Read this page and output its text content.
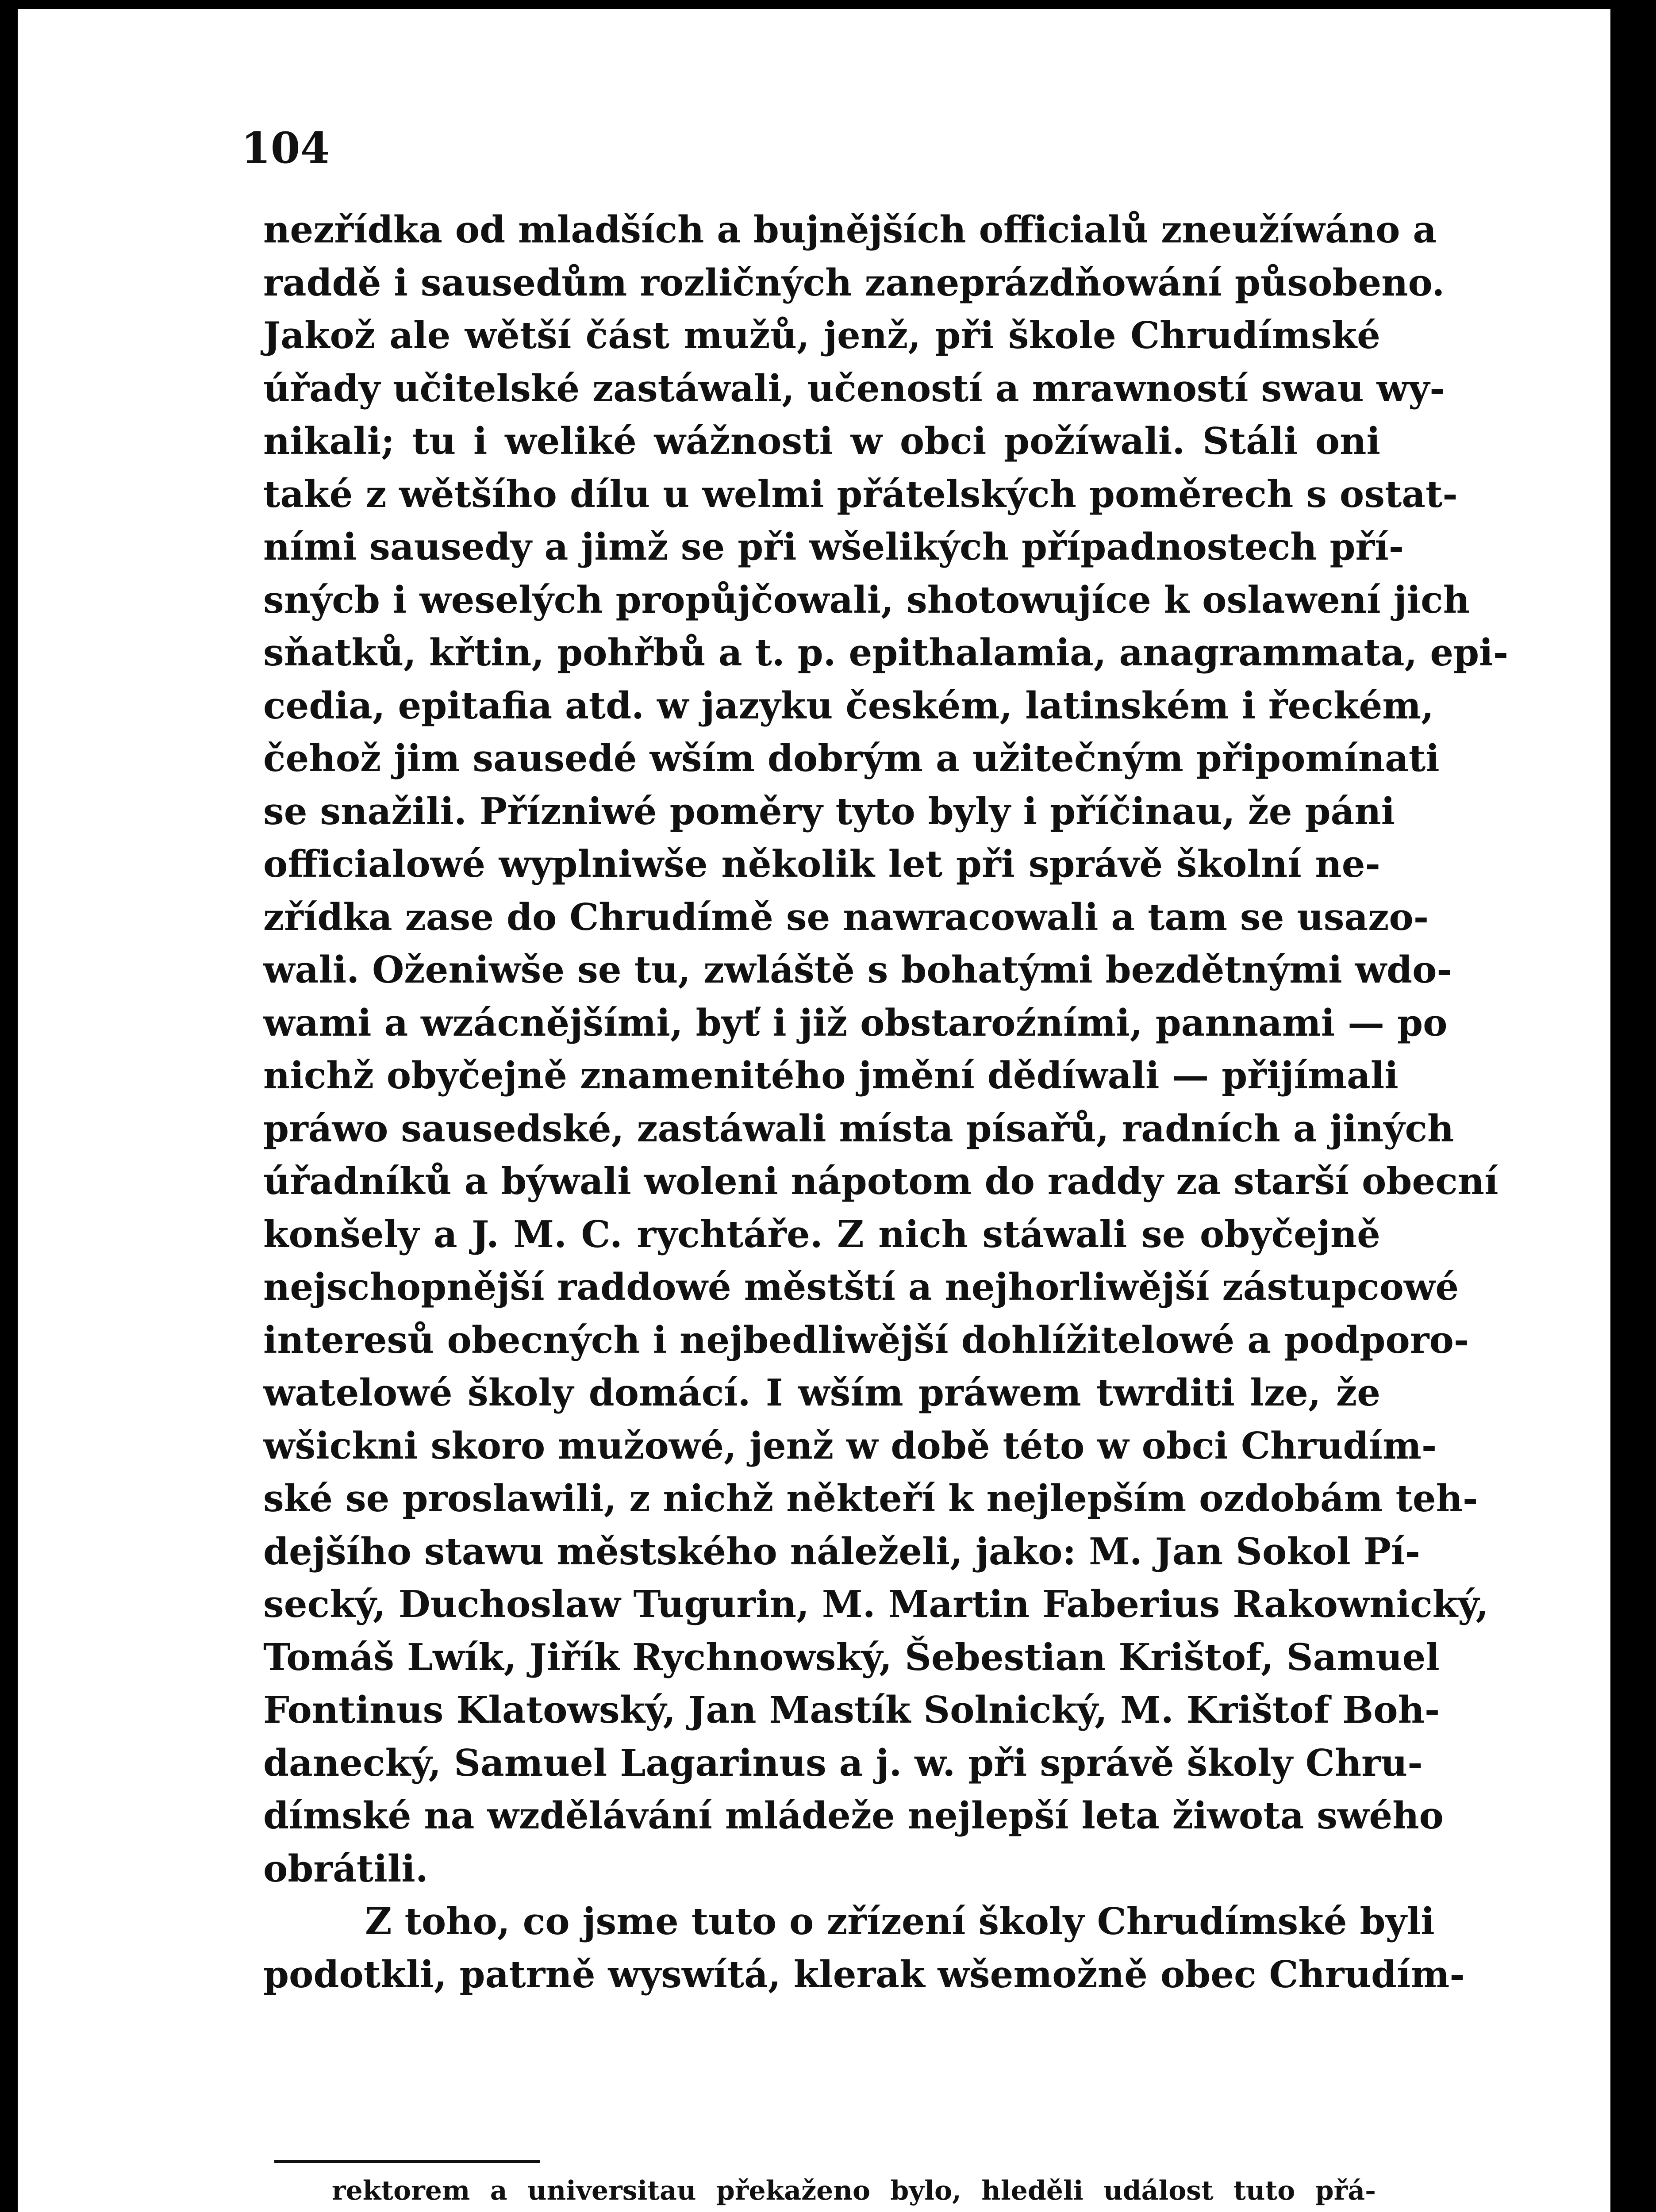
104
nezřídka od mladších a bujnějších officialů zneužíwáno a
raddě i sausedům rozličných zaneprázdňowání působeno.
Jakož ale wětší část mužů, jenž, při škole Chrudímské
úřady učitelské zastáwali, učeností a mrawností swau wy-
nikali; tu i weliké wážnosti w obci požíwali. Stáli oni
také z wětšího dílu u welmi přátelských poměrech s ostat-
ními sausedy a jimž se při wšelikých případnostech pří-
snýcb i weselých propůjčowali, shotowujíce k oslawení jich
sňatků, křtin, pohřbů a t. p. epithalamia, anagrammata, epi-
cedia, epitafia atd. w jazyku českém, latinském i řeckém,
čehož jim sausedé wším dobrým a užitečným připomínati
se snažili. Přízniwé poměry tyto byly i příčinau, že páni
officialowé wyplniwše několik let při správě školní ne-
zřídka zase do Chrudímě se nawracowali a tam se usazo-
wali. Oženiwše se tu, zwláště s bohatými bezdětnými wdo-
wami a wzácnějšími, byť i již obstaroźními, pannami — po
nichž obyčejně znamenitého jmění dědíwali — přijímali
práwo sausedské, zastáwali místa písařů, radních a jiných
úřadníků a býwali woleni nápotom do raddy za starší obecní
konšely a J. M. C. rychtáře. Z nich stáwali se obyčejně
nejschopnější raddowé městští a nejhorliwější zástupcowé
interesů obecných i nejbedliwější dohlížitelowé a podporo-
watelowé školy domácí. I wším práwem twrditi lze, že
wšickni skoro mužowé, jenž w době této w obci Chrudím-
ské se proslawili, z nichž někteří k nejlepším ozdobám teh-
dejšího stawu městského náleželi, jako: M. Jan Sokol Pí-
secký, Duchoslaw Tugurin, M. Martin Faberius Rakownický,
Tomáš Lwík, Jiřík Rychnowský, Šebestian Krištof, Samuel
Fontinus Klatowský, Jan Mastík Solnický, M. Krištof Boh-
danecký, Samuel Lagarinus a j. w. při správě školy Chru-
dímské na wzdělávání mládeže nejlepší leta žiwota swého
obrátili.
Z toho, co jsme tuto o zřízení školy Chrudímské byli
podotkli, patrně wyswítá, klerak wšemožně obec Chrudím-
rektorem a universitau překaženo bylo, hleděli událost tuto přá-
